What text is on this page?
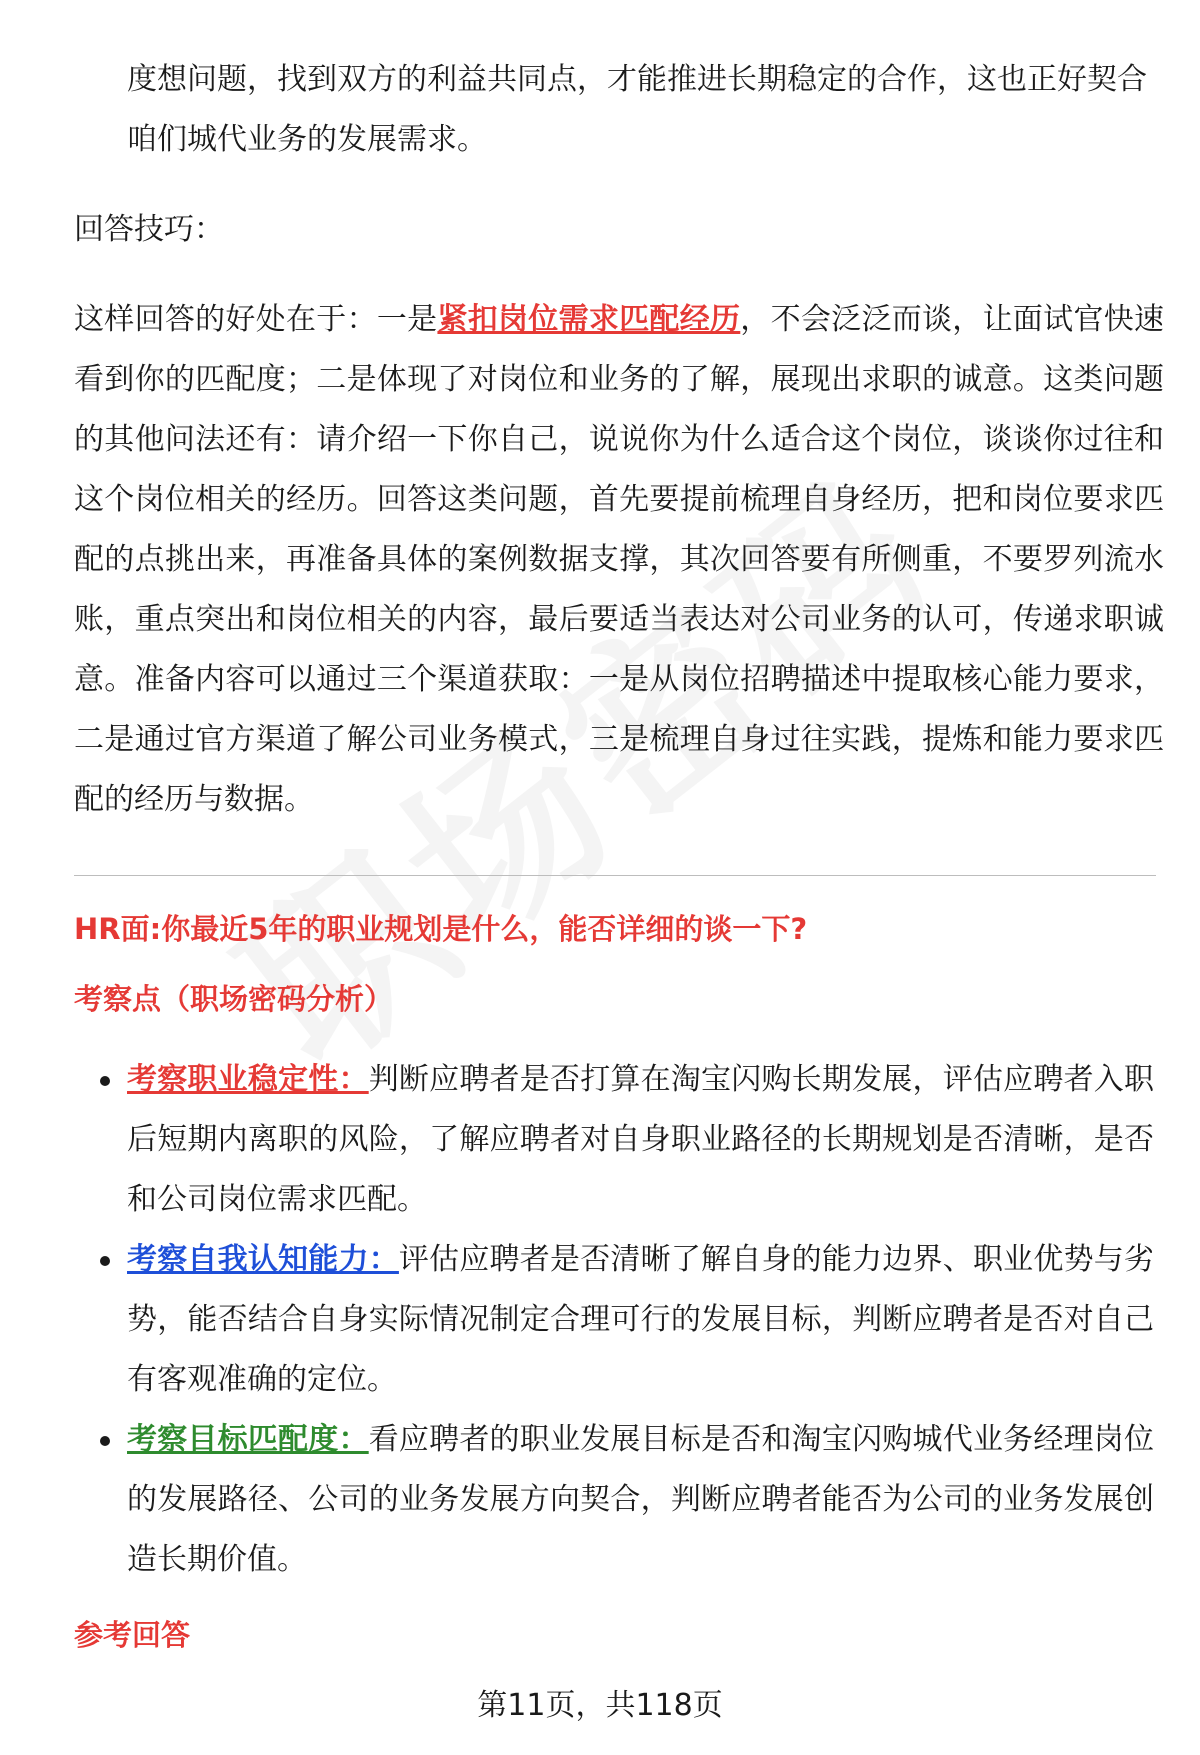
度想问题，找到双方的利益共同点，才能推进长期稳定的合作，这也正好契合咱们城代业务的发展需求。

回答技巧：

这样回答的好处在于：一是紧扣岗位需求匹配经历，不会泛泛而谈，让面试官快速看到你的匹配度；二是体现了对岗位和业务的了解，展现出求职的诚意。这类问题的其他问法还有：请介绍一下你自己，说说你为什么适合这个岗位，谈谈你过往和这个岗位相关的经历。回答这类问题，首先要提前梳理自身经历，把和岗位要求匹配的点挑出来，再准备具体的案例数据支撑，其次回答要有所侧重，不要罗列流水账，重点突出和岗位相关的内容，最后要适当表达对公司业务的认可，传递求职诚意。准备内容可以通过三个渠道获取：一是从岗位招聘描述中提取核心能力要求，二是通过官方渠道了解公司业务模式，三是梳理自身过往实践，提炼和能力要求匹配的经历与数据。

HR面:你最近5年的职业规划是什么，能否详细的谈一下?
考察点（职场密码分析）
考察职业稳定性：判断应聘者是否打算在淘宝闪购长期发展，评估应聘者入职后短期内离职的风险，了解应聘者对自身职业路径的长期规划是否清晰，是否和公司岗位需求匹配。
考察自我认知能力：评估应聘者是否清晰了解自身的能力边界、职业优势与劣势，能否结合自身实际情况制定合理可行的发展目标，判断应聘者是否对自己有客观准确的定位。
考察目标匹配度：看应聘者的职业发展目标是否和淘宝闪购城代业务经理岗位的发展路径、公司的业务发展方向契合，判断应聘者能否为公司的业务发展创造长期价值。
参考回答
第11页，共118页
